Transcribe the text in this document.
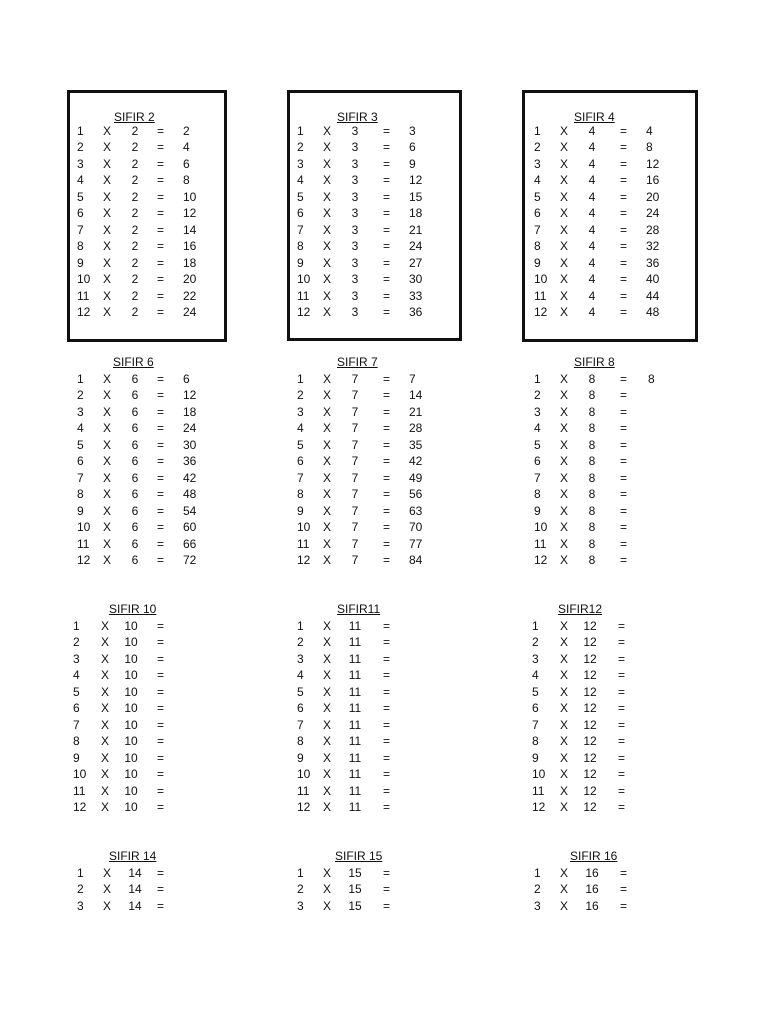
SIFIR 2
1 X	2	= 2
2 X	2	= 4
3 X	2	= 6
4 X	2	= 8
5 X	2	= 10
6 X	2	= 12
7 X	2	= 14
8 X	2	= 16
9 X	2	= 18
10 X	2	= 20
11 X	2	= 22
12 X	2	= 24
SIFIR 3
1 X	3	= 3
2 X	3	= 6
3 X	3	= 9
4 X	3	= 12
5 X	3	= 15
6 X	3	= 18
7 X	3	= 21
8 X	3	= 24
9 X	3	= 27
10 X	3	= 30
11 X	3	= 33
12 X	3	= 36
SIFIR 4
1 X	4	= 4
2 X	4	= 8
3 X	4	= 12
4 X	4	= 16
5 X	4	= 20
6 X	4	= 24
7 X	4	= 28
8 X	4	= 32
9 X	4	= 36
10 X	4	= 40
11 X	4	= 44
12 X	4	= 48
SIFIR 6
1 X	6	= 6
2 X	6	= 12
3 X	6	= 18
4 X	6	= 24
5 X	6	= 30
6 X	6	= 36
7 X	6	= 42
8 X	6	= 48
9 X	6	= 54
10 X	6	= 60
11 X	6	= 66
12 X	6	= 72
SIFIR 7
1 X	7	= 7
2 X	7	= 14
3 X	7	= 21
4 X	7	= 28
5 X	7	= 35
6 X	7	= 42
7 X	7	= 49
8 X	7	= 56
9 X	7	= 63
10 X	7	= 70
11 X	7	= 77
12 X	7	= 84
SIFIR 8
1 X	8	= 8
2 X	8	=
3 X	8	=
4 X	8	=
5 X	8	=
6 X	8	=
7 X	8	=
8 X	8	=
9 X	8	=
10 X	8	=
11 X	8	=
12 X	8	=
SIFIR 10
1 X 10 =
2 X 10 =
3 X 10 =
4 X 10 =
5 X 10 =
6 X 10 =
7 X 10 =
8 X 10 =
9 X 10 =
10 X 10 =
11 X 10 =
12 X 10 =
SIFIR11
1 X	11	=
2 X	11	=
3 X	11	=
4 X	11	=
5 X	11	=
6 X	11	=
7 X	11	=
8 X	11	=
9 X	11	=
10 X	11	=
11 X	11	=
12 X	11	=
SIFIR12
1 X 12 =
2 X 12 =
3 X 12 =
4 X 12 =
5 X 12 =
6 X 12 =
7 X 12 =
8 X 12 =
9 X 12 =
10 X 12 =
11 X 12 =
12 X 12 =
SIFIR 14
1 X 14 =
2 X 14 =
3 X 14 =
SIFIR 15
1 X 15 =
2 X 15 =
3 X 15 =
SIFIR 16
1 X 16 =
2 X 16 =
3 X 16 =
